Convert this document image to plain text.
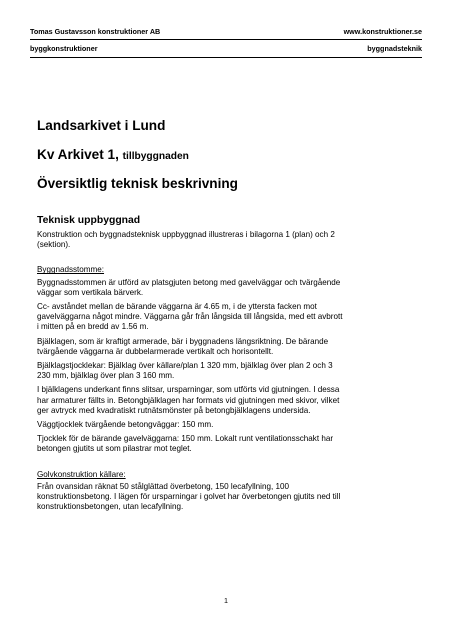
Tomas Gustavsson konstruktioner AB	www.konstruktioner.se
byggkonstruktioner	byggnadsteknik
Landsarkivet i Lund
Kv Arkivet 1, tillbyggnaden
Översiktlig teknisk beskrivning
Teknisk uppbyggnad

Konstruktion och byggnadsteknisk uppbyggnad illustreras i bilagorna 1 (plan) och 2
(sektion).

Byggnadsstomme:

Byggnadsstommen är utförd av platsgjuten betong med gavelväggar och tvärgående
väggar som vertikala bärverk.

Cc- avståndet mellan de bärande väggarna är 4.65 m, i de yttersta facken mot
gavelväggarna något mindre. Väggarna går från långsida till långsida, med ett avbrott
i mitten på en bredd av 1.56 m.

Bjälklagen, som är kraftigt armerade, bär i byggnadens längsriktning. De bärande
tvärgående väggarna är dubbelarmerade vertikalt och horisontellt.

Bjälklagstjocklekar: Bjälklag över källare/plan 1 320 mm, bjälklag över plan 2 och 3
230 mm, bjälklag över plan 3 160 mm.

I bjälklagens underkant finns slitsar, ursparningar, som utförts vid gjutningen. I dessa
har armaturer fällts in. Betongbjälklagen har formats vid gjutningen med skivor, vilket
ger avtryck med kvadratiskt rutnätsmönster på betongbjälklagens undersida.

Väggtjocklek tvärgående betongväggar: 150 mm.

Tjocklek för de bärande gavelväggarna: 150 mm. Lokalt runt ventilationsschakt har
betongen gjutits ut som pilastrar mot teglet.

Golvkonstruktion källare:

Från ovansidan räknat 50 stålglättad överbetong, 150 lecafyllning, 100
konstruktionsbetong. I lägen för ursparningar i golvet har överbetongen gjutits ned till
konstruktionsbetongen, utan lecafyllning.

1
